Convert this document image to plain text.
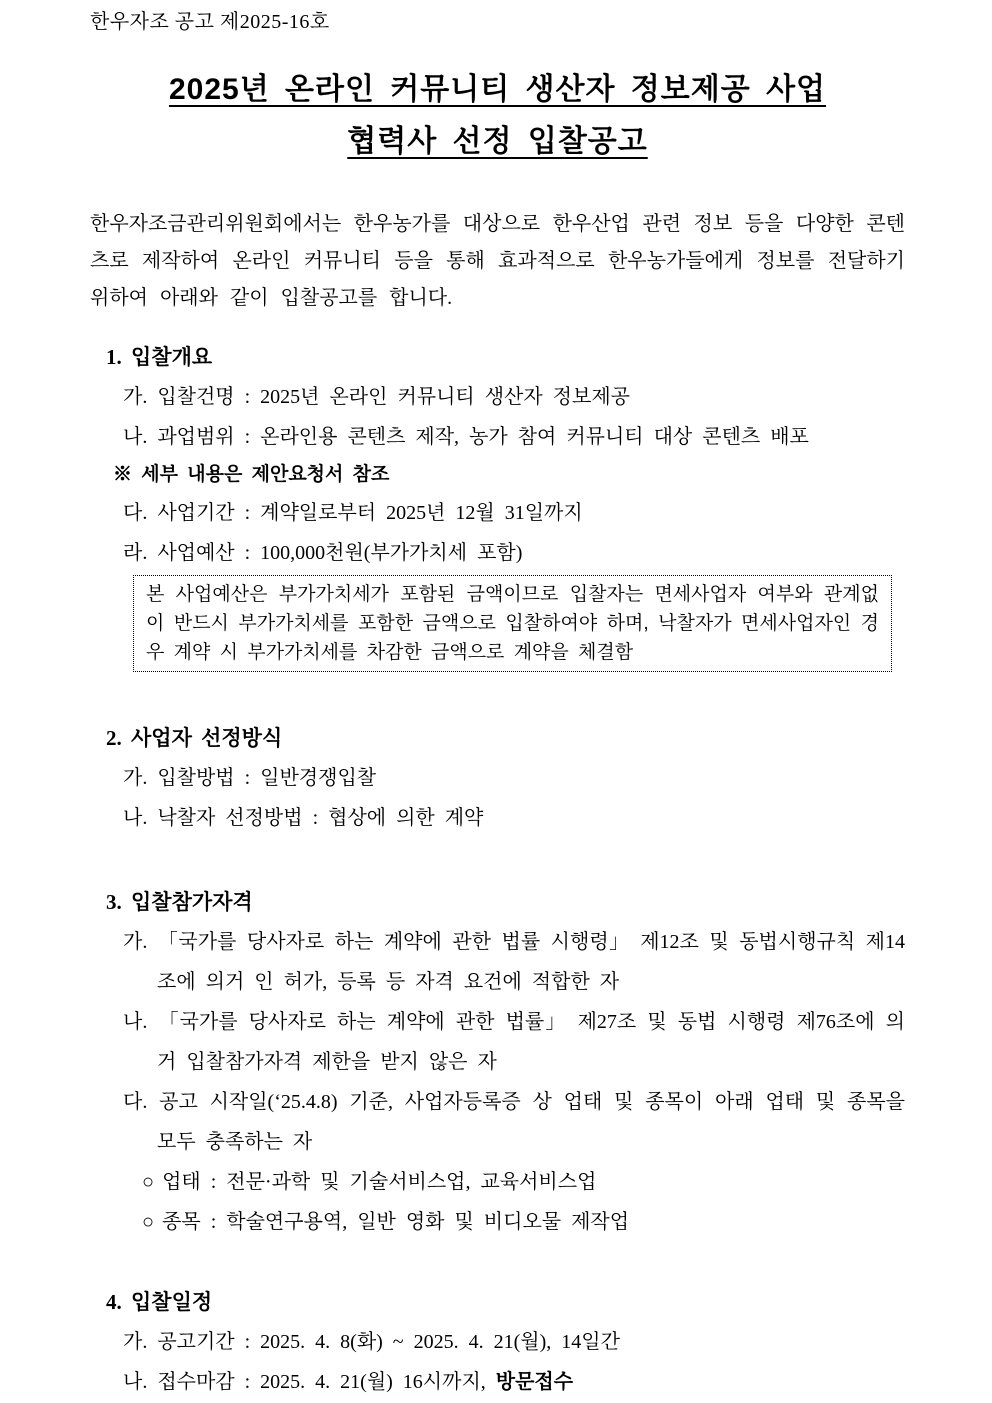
한우자조 공고 제2025-16호
2025년 온라인 커뮤니티 생산자 정보제공 사업
협력사 선정 입찰공고

한우자조금관리위원회에서는 한우농가를 대상으로 한우산업 관련 정보 등을 다양한 콘텐츠로 제작하여 온라인 커뮤니티 등을 통해 효과적으로 한우농가들에게 정보를 전달하기 위하여 아래와 같이 입찰공고를 합니다.

1. 입찰개요
가. 입찰건명 : 2025년 온라인 커뮤니티 생산자 정보제공
나. 과업범위 : 온라인용 콘텐츠 제작, 농가 참여 커뮤니티 대상 콘텐츠 배포
※ 세부 내용은 제안요청서 참조
다. 사업기간 : 계약일로부터 2025년 12월 31일까지
라. 사업예산 : 100,000천원(부가가치세 포함)
본 사업예산은 부가가치세가 포함된 금액이므로 입찰자는 면세사업자 여부와 관계없이 반드시 부가가치세를 포함한 금액으로 입찰하여야 하며, 낙찰자가 면세사업자인 경우 계약 시 부가가치세를 차감한 금액으로 계약을 체결함
2. 사업자 선정방식
가. 입찰방법 : 일반경쟁입찰
나. 낙찰자 선정방법 : 협상에 의한 계약
3. 입찰참가자격
가. 「국가를 당사자로 하는 계약에 관한 법률 시행령」 제12조 및 동법시행규칙 제14조에 의거 인 허가, 등록 등 자격 요건에 적합한 자
나. 「국가를 당사자로 하는 계약에 관한 법률」 제27조 및 동법 시행령 제76조에 의거 입찰참가자격 제한을 받지 않은 자
다. 공고 시작일(‘25.4.8) 기준, 사업자등록증 상 업태 및 종목이 아래 업태 및 종목을 모두 충족하는 자
○ 업태 : 전문·과학 및 기술서비스업, 교육서비스업
○ 종목 : 학술연구용역, 일반 영화 및 비디오물 제작업
4. 입찰일정
가. 공고기간 : 2025. 4. 8(화) ~ 2025. 4. 21(월), 14일간
나. 접수마감 : 2025. 4. 21(월) 16시까지, 방문접수
